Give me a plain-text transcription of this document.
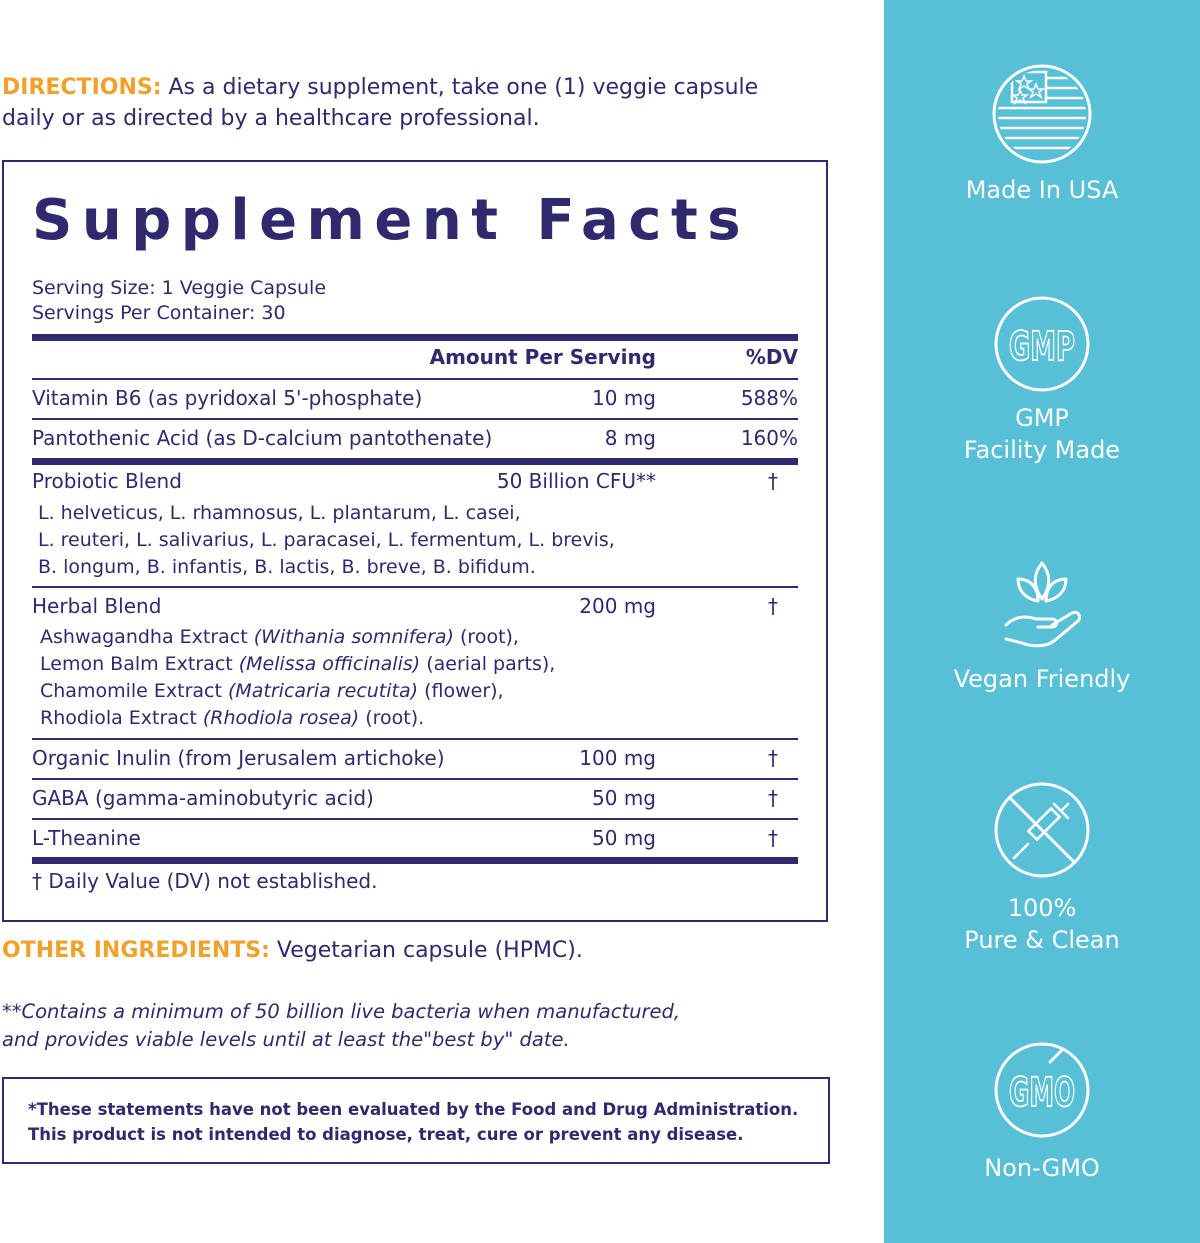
DIRECTIONS: As a dietary supplement, take one (1) veggie capsule
daily or as directed by a healthcare professional.
Supplement Facts
Serving Size: 1 Veggie Capsule
Servings Per Container: 30
Amount Per Serving	%DV
Vitamin B6 (as pyridoxal 5'-phosphate)	10 mg	588%
Pantothenic Acid (as D-calcium pantothenate)	8 mg	160%
Probiotic Blend	50 Billion CFU**	†
L. helveticus, L. rhamnosus, L. plantarum, L. casei,
L. reuteri, L. salivarius, L. paracasei, L. fermentum, L. brevis,
B. longum, B. infantis, B. lactis, B. breve, B. bifidum.
Herbal Blend	200 mg	†
Ashwagandha Extract (Withania somnifera) (root),
Lemon Balm Extract (Melissa officinalis) (aerial parts),
Chamomile Extract (Matricaria recutita) (flower),
Rhodiola Extract (Rhodiola rosea) (root).
Organic Inulin (from Jerusalem artichoke)	100 mg	†
GABA (gamma-aminobutyric acid)	50 mg	†
L-Theanine	50 mg	†
† Daily Value (DV) not established.
OTHER INGREDIENTS: Vegetarian capsule (HPMC).
**Contains a minimum of 50 billion live bacteria when manufactured,
and provides viable levels until at least the"best by" date.
*These statements have not been evaluated by the Food and Drug Administration.
This product is not intended to diagnose, treat, cure or prevent any disease.
Made In USA
GMP
GMP
Facility Made
Vegan Friendly
100%
Pure & Clean
GMO
Non-GMO
